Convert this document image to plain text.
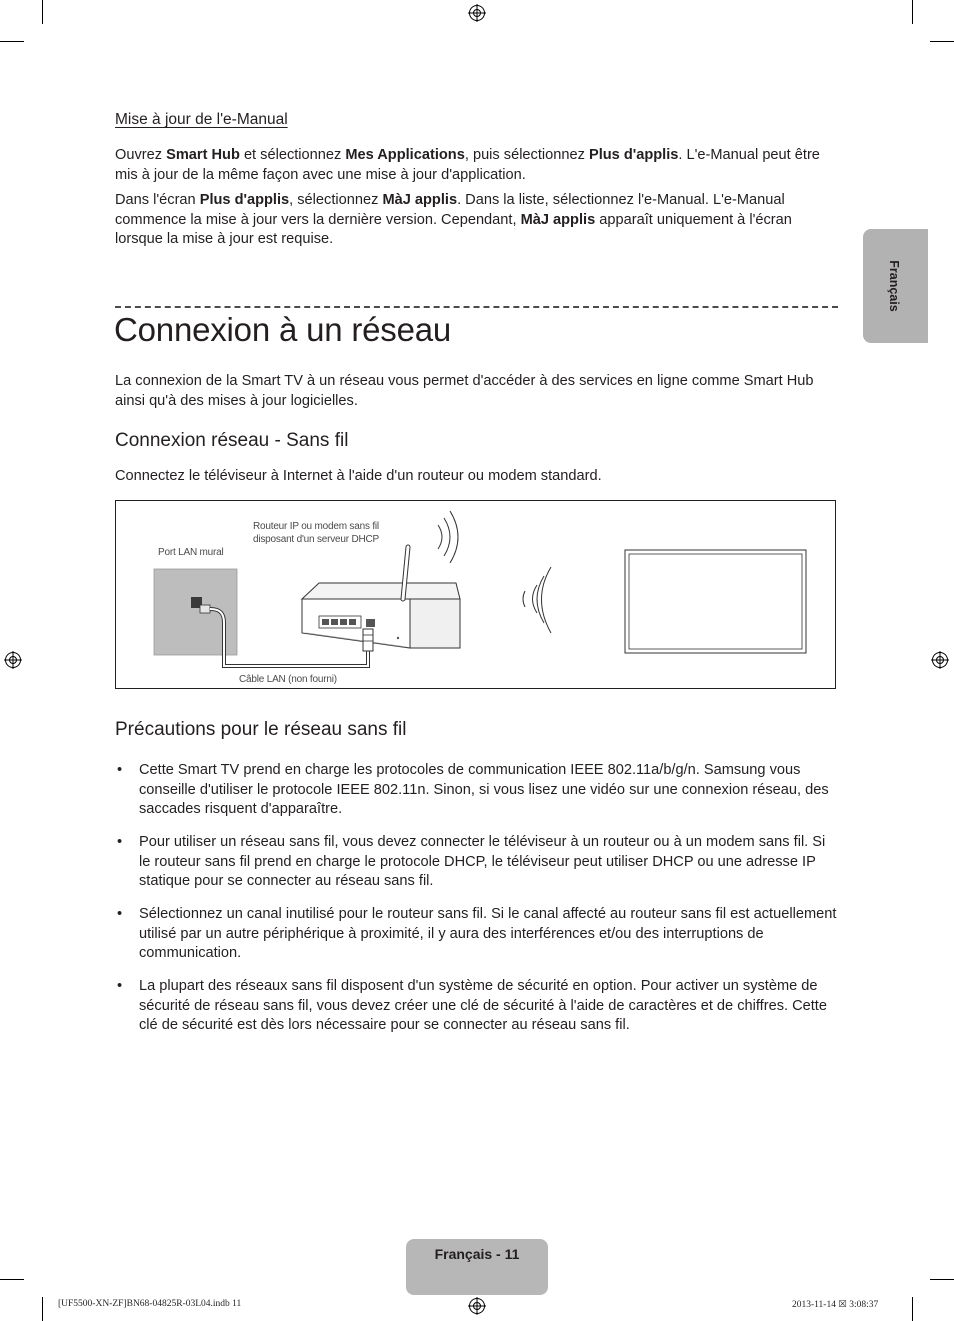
Mise à jour de l'e-Manual

Ouvrez Smart Hub et sélectionnez Mes Applications, puis sélectionnez Plus d'applis. L'e-Manual peut être mis à jour de la même façon avec une mise à jour d'application.

Dans l'écran Plus d'applis, sélectionnez MàJ applis. Dans la liste, sélectionnez l'e-Manual. L'e-Manual commence la mise à jour vers la dernière version. Cependant, MàJ applis apparaît uniquement à l'écran lorsque la mise à jour est requise.

Connexion à un réseau

La connexion de la Smart TV à un réseau vous permet d'accéder à des services en ligne comme Smart Hub ainsi qu'à des mises à jour logicielles.

Connexion réseau - Sans fil

Connectez le téléviseur à Internet à l'aide d'un routeur ou modem standard.

Routeur IP ou modem sans fil
disposant d'un serveur DHCP
Port LAN mural
Câble LAN (non fourni)
Précautions pour le réseau sans fil
• Cette Smart TV prend en charge les protocoles de communication IEEE 802.11a/b/g/n. Samsung vous conseille d'utiliser le protocole IEEE 802.11n. Sinon, si vous lisez une vidéo sur une connexion réseau, des saccades risquent d'apparaître.
• Pour utiliser un réseau sans fil, vous devez connecter le téléviseur à un routeur ou à un modem sans fil. Si le routeur sans fil prend en charge le protocole DHCP, le téléviseur peut utiliser DHCP ou une adresse IP statique pour se connecter au réseau sans fil.
• Sélectionnez un canal inutilisé pour le routeur sans fil. Si le canal affecté au routeur sans fil est actuellement utilisé par un autre périphérique à proximité, il y aura des interférences et/ou des interruptions de communication.
• La plupart des réseaux sans fil disposent d'un système de sécurité en option. Pour activer un système de sécurité de réseau sans fil, vous devez créer une clé de sécurité à l'aide de caractères et de chiffres. Cette clé de sécurité est dès lors nécessaire pour se connecter au réseau sans fil.
Français
Français - 11
[UF5500-XN-ZF]BN68-04825R-03L04.indb 11	2013-11-14 ☒ 3:08:37
